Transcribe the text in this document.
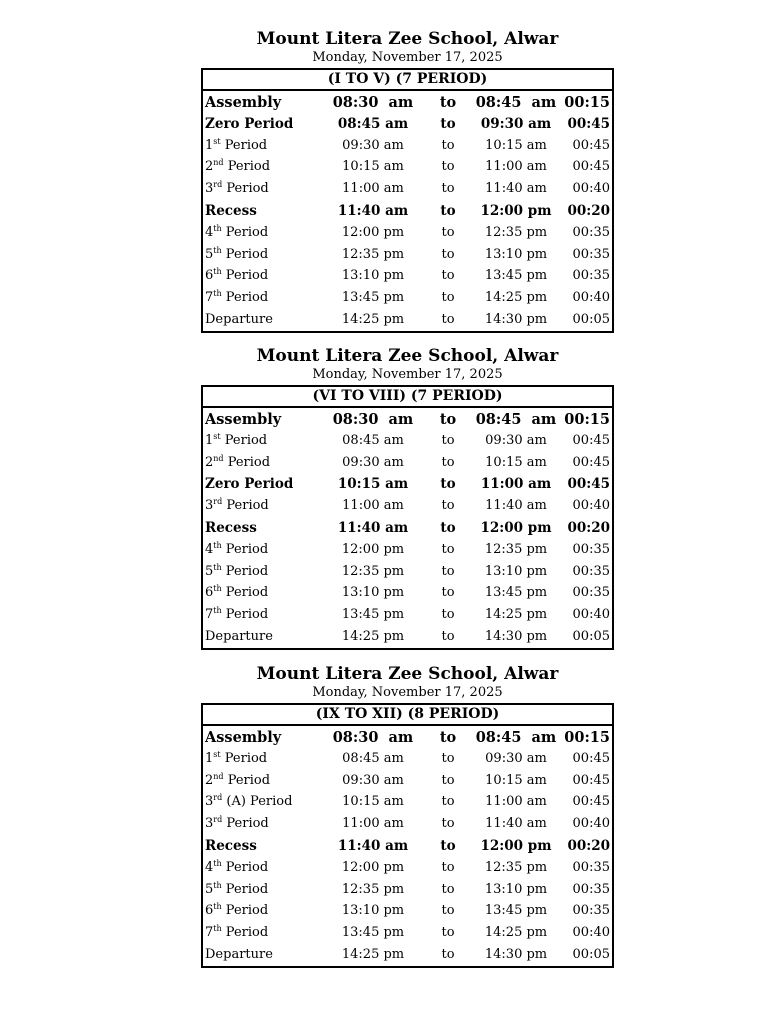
Mount Litera Zee School, Alwar
Monday, November 17, 2025
(I TO V) (7 PERIOD)
Assembly	08:30  am	to	08:45  am 00:15
Zero Period	08:45 am	to	09:30 am	00:45
1st Period	09:30 am	to	10:15 am	00:45
2nd Period	10:15 am	to	11:00 am	00:45
3rd Period	11:00 am	to	11:40 am	00:40
Recess	11:40 am	to	12:00 pm	00:20
4th Period	12:00 pm	to	12:35 pm	00:35
5th Period	12:35 pm	to	13:10 pm	00:35
6th Period	13:10 pm	to	13:45 pm	00:35
7th Period	13:45 pm	to	14:25 pm	00:40
Departure	14:25 pm	to	14:30 pm	00:05
Mount Litera Zee School, Alwar
Monday, November 17, 2025
(VI TO VIII) (7 PERIOD)
Assembly	08:30  am	to	08:45  am 00:15
1st Period	08:45 am	to	09:30 am	00:45
2nd Period	09:30 am	to	10:15 am	00:45
Zero Period	10:15 am	to	11:00 am	00:45
3rd Period	11:00 am	to	11:40 am	00:40
Recess	11:40 am	to	12:00 pm	00:20
4th Period	12:00 pm	to	12:35 pm	00:35
5th Period	12:35 pm	to	13:10 pm	00:35
6th Period	13:10 pm	to	13:45 pm	00:35
7th Period	13:45 pm	to	14:25 pm	00:40
Departure	14:25 pm	to	14:30 pm	00:05
Mount Litera Zee School, Alwar
Monday, November 17, 2025
(IX TO XII) (8 PERIOD)
Assembly	08:30  am	to	08:45  am 00:15
1st Period	08:45 am	to	09:30 am	00:45
2nd Period	09:30 am	to	10:15 am	00:45
3rd (A) Period	10:15 am	to	11:00 am	00:45
3rd Period	11:00 am	to	11:40 am	00:40
Recess	11:40 am	to	12:00 pm	00:20
4th Period	12:00 pm	to	12:35 pm	00:35
5th Period	12:35 pm	to	13:10 pm	00:35
6th Period	13:10 pm	to	13:45 pm	00:35
7th Period	13:45 pm	to	14:25 pm	00:40
Departure	14:25 pm	to	14:30 pm	00:05
